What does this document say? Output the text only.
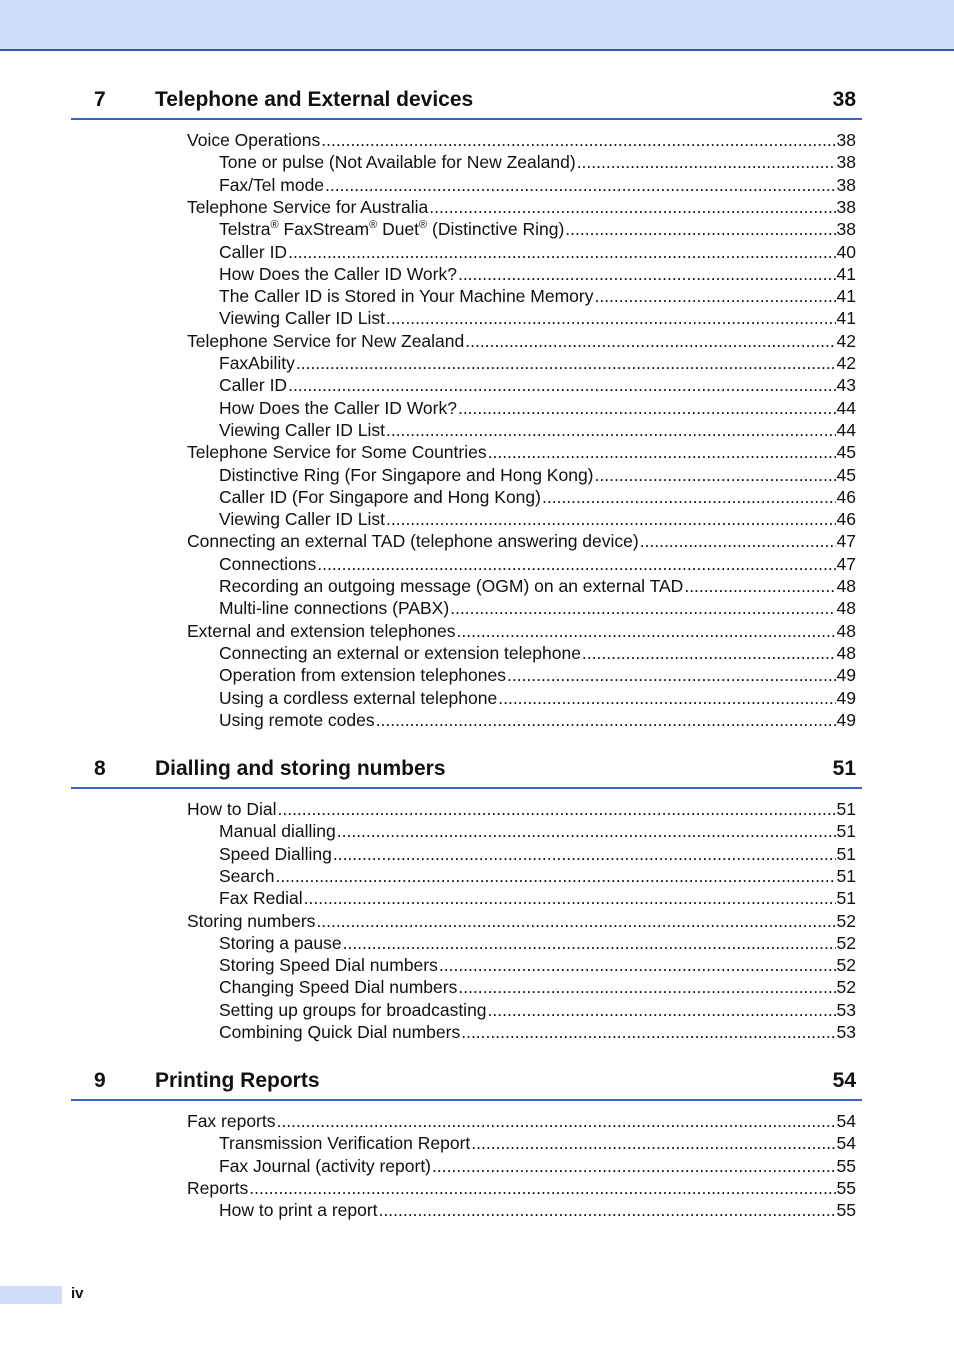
7 Telephone and External devices	38
Voice Operations .....	38
Tone or pulse (Not Available for New Zealand) .....	38
Fax/Tel mode .....	38
Telephone Service for Australia .....	38
Telstra® FaxStream® Duet® (Distinctive Ring) .....	38
Caller ID .....	40
How Does the Caller ID Work? .....	41
The Caller ID is Stored in Your Machine Memory .....	41
Viewing Caller ID List .....	41
Telephone Service for New Zealand .....	42
FaxAbility .....	42
Caller ID .....	43
How Does the Caller ID Work? .....	44
Viewing Caller ID List .....	44
Telephone Service for Some Countries .....	45
Distinctive Ring (For Singapore and Hong Kong) .....	45
Caller ID (For Singapore and Hong Kong) .....	46
Viewing Caller ID List .....	46
Connecting an external TAD (telephone answering device) .....	47
Connections .....	47
Recording an outgoing message (OGM) on an external TAD .....	48
Multi-line connections (PABX) .....	48
External and extension telephones .....	48
Connecting an external or extension telephone .....	48
Operation from extension telephones .....	49
Using a cordless external telephone .....	49
Using remote codes .....	49
8 Dialling and storing numbers	51
How to Dial .....	51
Manual dialling .....	51
Speed Dialling .....	51
Search .....	51
Fax Redial .....	51
Storing numbers .....	52
Storing a pause .....	52
Storing Speed Dial numbers .....	52
Changing Speed Dial numbers .....	52
Setting up groups for broadcasting .....	53
Combining Quick Dial numbers .....	53
9 Printing Reports	54
Fax reports .....	54
Transmission Verification Report .....	54
Fax Journal (activity report) .....	55
Reports .....	55
How to print a report .....	55
iv
